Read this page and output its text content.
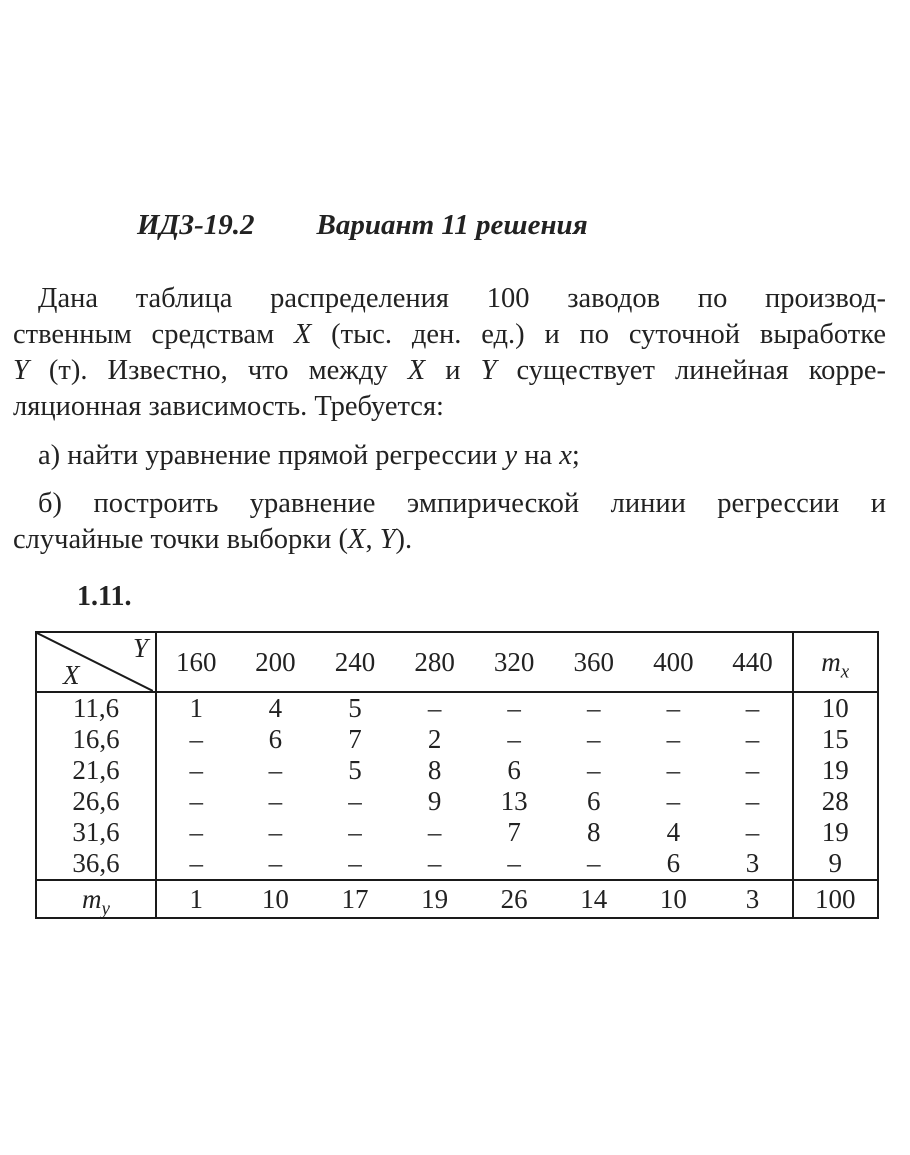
ИДЗ-19.2 Вариант 11 решения
Дана таблица распределения 100 заводов по производ-
ственным средствам X (тыс. ден. ед.) и по суточной выработке
Y (т). Известно, что между X и Y существует линейная корре-
ляционная зависимость. Требуется:
а) найти уравнение прямой регрессии у на х;
б) построить уравнение эмпирической линии регрессии и
случайные точки выборки (X, Y).
1.11.
Y
X	160	200	240	280	320	360	400	440	$m_x$
11,6	1	4	5	–	–	–	–	–	10
16,6	–	6	7	2	–	–	–	–	15
21,6	–	–	5	8	6	–	–	–	19
26,6	–	–	–	9	13	6	–	–	28
31,6	–	–	–	–	7	8	4	–	19
36,6	–	–	–	–	–	–	6	3	9
$m_y$	1	10	17	19	26	14	10	3	100
